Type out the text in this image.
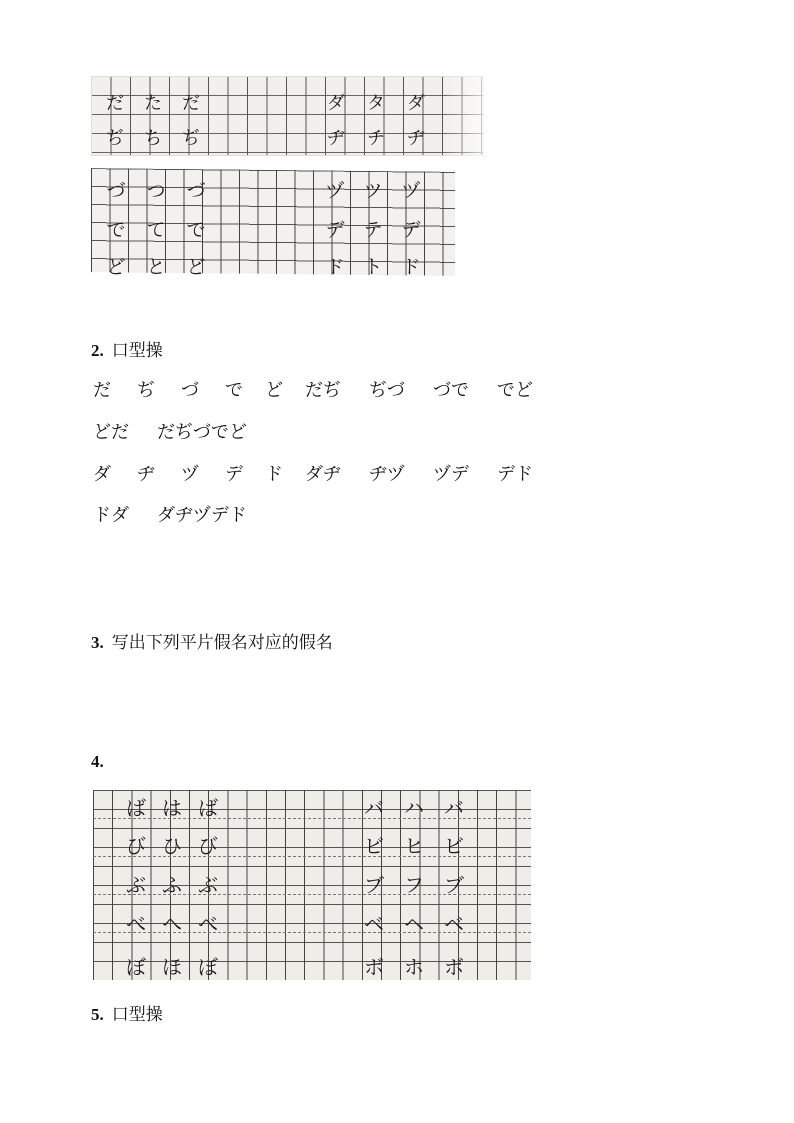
だ	た	だ	ダ	タ	ダ
ぢ	ち	ぢ	ヂ	チ	ヂ
づ	つ	づ	ヅ ツ ヅ
で	て	で	デ テ デ
ど	と	ど	ド ト ド
2. 口型操
だ	ぢ	づ	で	ど	だぢ	ぢづ	づで	でど
どだ	だぢづでど
ダ	ヂ	ヅ	デ	ド	ダヂ	ヂヅ	ヅデ	デド
ドダ	ダヂヅデド
3. 写出下列平片假名对应的假名
4.
ば は ば	バ	ハ	バ
び ひ び	ビ	ヒ	ビ
ぶ ふ ぶ	ブ	フ	ブ
べ へ べ	ベ	ヘ	ベ
ぼ ほ ぼ	ボ	ホ	ボ
5. 口型操
